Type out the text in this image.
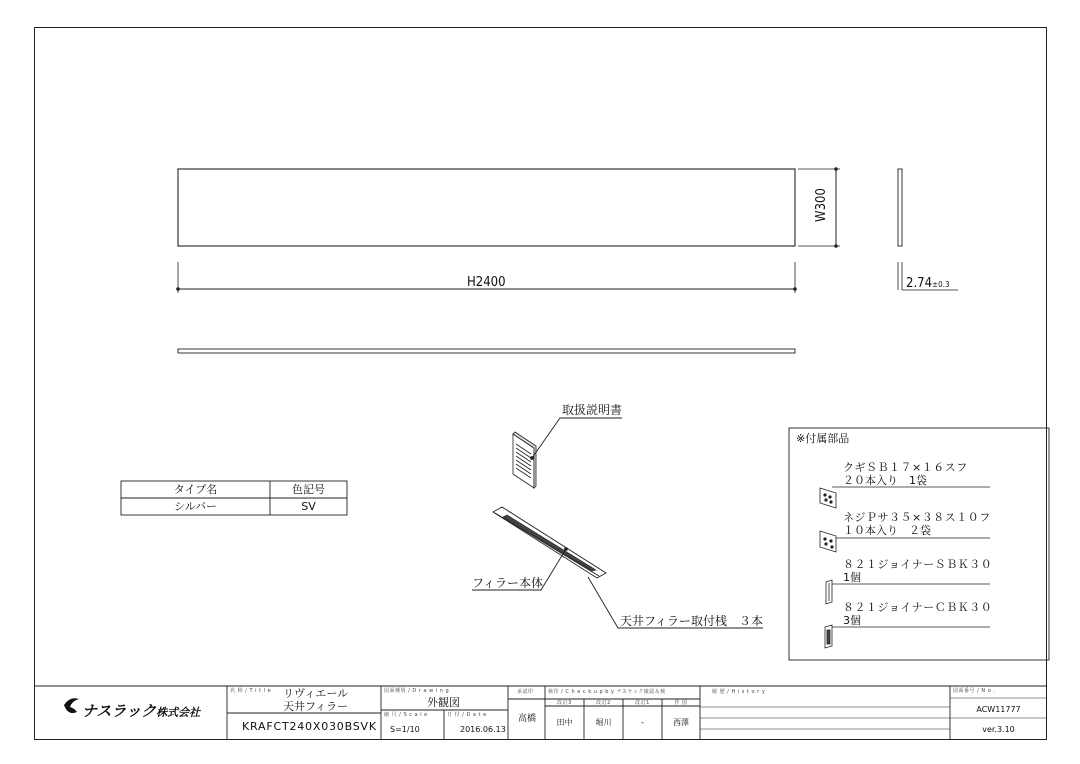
W300
H2400	2.74±0.3
取扱説明書
フィラー本体
天井フィラー取付桟　３本
タイプ名	色記号
シルバー	SV
※付属部品
クギＳＢ１７×１６スフ
２０本入り　1袋
ネジＰサ３５×３８ス１０フ
１０本入り　２袋
８２１ジョイナーＳＢＫ３０
1個
８２１ジョイナーＣＢＫ３０
3個
ナスラック株式会社
名 称 / T i t l e リヴィエール
天井フィラー
KRAFCT240X030BSVK
図面種別 / D r a w i n g
外観図
縮 尺 / S c a l e
S=1/10
日 付 / D a t e
2016.06.13
承認印
高橋
検印 / C h e c k u p b y ナスラック確認＆検
改訂3	改訂2	改訂1	作 図
田中	堀川	-	西澤
履 歴 / H i s t o r y	図面番号 / N o .
ACW11777
ver.3.10
